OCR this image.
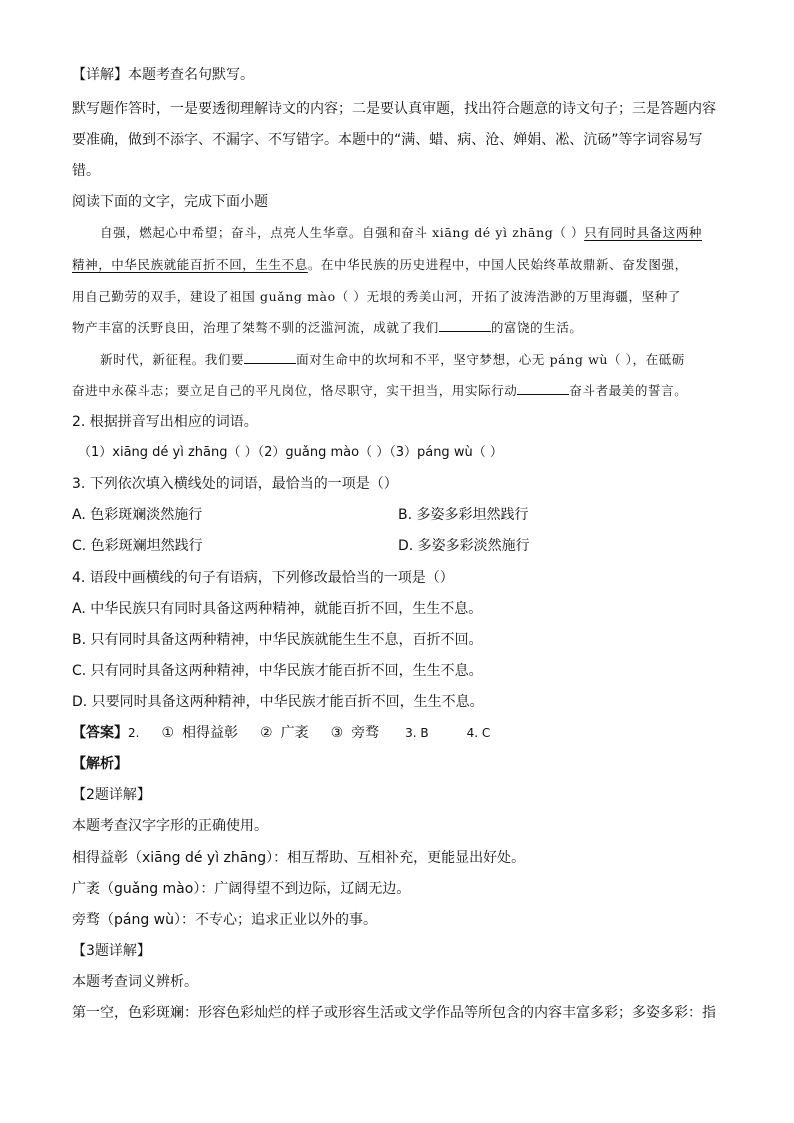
【详解】本题考查名句默写。
默写题作答时，一是要透彻理解诗文的内容；二是要认真审题，找出符合题意的诗文句子；三是答题内容
要准确，做到不添字、不漏字、不写错字。本题中的“满、蜡、病、沧、婵娟、凇、沆砀”等字词容易写
错。
阅读下面的文字，完成下面小题
自强，燃起心中希望；奋斗，点亮人生华章。自强和奋斗 xiāng dé yì zhāng（ ）只有同时具备这两种
精神，中华民族就能百折不回，生生不息。在中华民族的历史进程中，中国人民始终革故鼎新、奋发图强，
用自己勤劳的双手，建设了祖国 guǎng mào（ ）无垠的秀美山河，开拓了波涛浩渺的万里海疆，坚种了
物产丰富的沃野良田，治理了桀骜不驯的泛滥河流，成就了我们	的富饶的生活。
新时代，新征程。我们要	面对生命中的坎坷和不平，坚守梦想，心无 páng wù（ ），在砥砺
奋进中永葆斗志；要立足自己的平凡岗位，恪尽职守，实干担当，用实际行动	奋斗者最美的誓言。
2. 根据拼音写出相应的词语。
（1）xiāng dé yì zhāng（ ）（2）guǎng mào（ ）（3）páng wù（ ）
3. 下列依次填入横线处的词语，最恰当的一项是（）
A. 色彩斑斓淡然施行	B. 多姿多彩坦然践行
C. 色彩斑斓坦然践行	D. 多姿多彩淡然施行
4. 语段中画横线的句子有语病，下列修改最恰当的一项是（）
A. 中华民族只有同时具备这两种精神，就能百折不回，生生不息。
B. 只有同时具备这两种精神，中华民族就能生生不息，百折不回。
C. 只有同时具备这两种精神，中华民族才能百折不回，生生不息。
D. 只要同时具备这两种精神，中华民族才能百折不回，生生不息。
【答案】2. ① 相得益彰 ② 广袤 ③ 旁骛 3. B	4. C
【解析】
【2题详解】
本题考查汉字字形的正确使用。
相得益彰（xiāng dé yì zhāng）：相互帮助、互相补充，更能显出好处。
广袤（guǎng mào）：广阔得望不到边际，辽阔无边。
旁骛（páng wù）：不专心；追求正业以外的事。
【3题详解】
本题考查词义辨析。
第一空，色彩斑斓：形容色彩灿烂的样子或形容生活或文学作品等所包含的内容丰富多彩；多姿多彩：指
